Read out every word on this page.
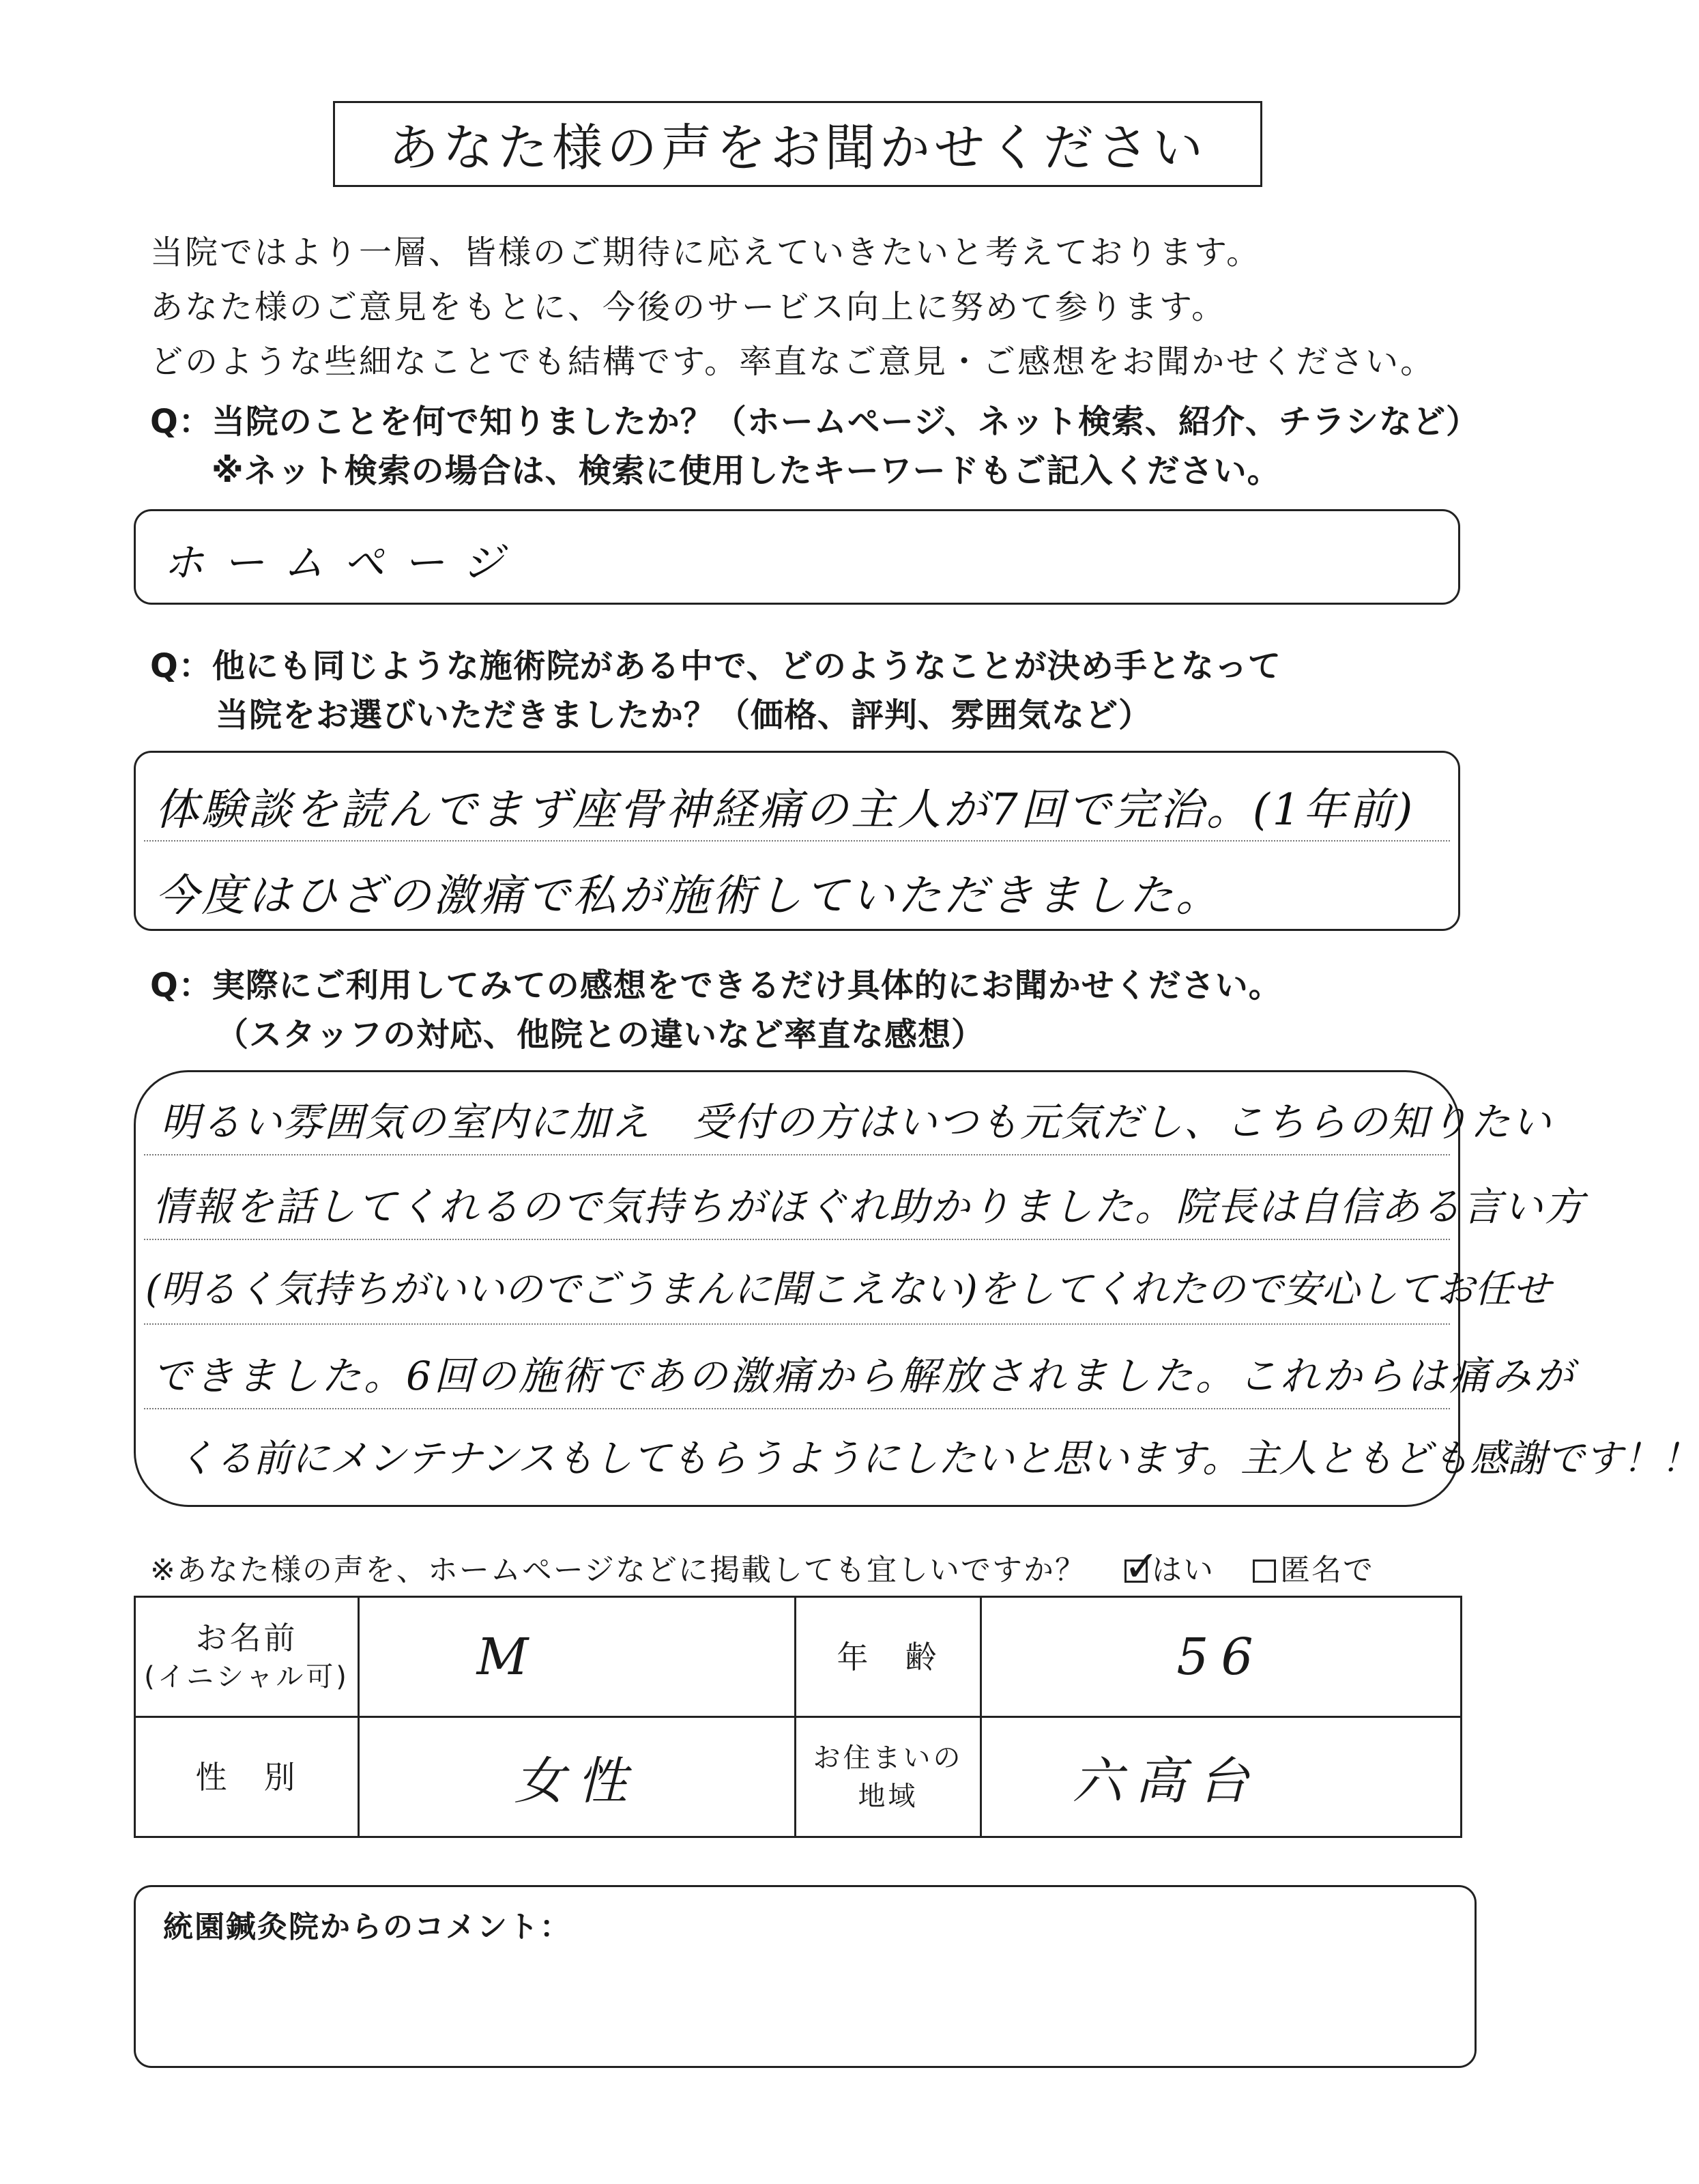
あなた様の声をお聞かせください
当院ではより一層、皆様のご期待に応えていきたいと考えております。
あなた様のご意見をもとに、今後のサービス向上に努めて参ります。
どのような些細なことでも結構です。率直なご意見・ご感想をお聞かせください。
Q：当院のことを何で知りましたか？（ホームページ、ネット検索、紹介、チラシなど）
※ネット検索の場合は、検索に使用したキーワードもご記入ください。
ホームページ
Q：他にも同じような施術院がある中で、どのようなことが決め手となって
当院をお選びいただきましたか？（価格、評判、雰囲気など）
体験談を読んでまず座骨神経痛の主人が7回で完治。(1年前)
今度はひざの激痛で私が施術していただきました。
Q：実際にご利用してみての感想をできるだけ具体的にお聞かせください。
（スタッフの対応、他院との違いなど率直な感想）
明るい雰囲気の室内に加え　受付の方はいつも元気だし、こちらの知りたい
情報を話してくれるので気持ちがほぐれ助かりました。院長は自信ある言い方
(明るく気持ちがいいのでごうまんに聞こえない)をしてくれたので安心してお任せ
できました。6回の施術であの激痛から解放されました。これからは痛みが
くる前にメンテナンスもしてもらうようにしたいと思います。主人ともども感謝です！！
※あなた様の声を、ホームページなどに掲載しても宜しいですか？ ✓
はい 匿名で
お名前
(イニシャル可)	M	年　齢	56

性　別	女性	お住まいの
地域	六高台
統園鍼灸院からのコメント：
